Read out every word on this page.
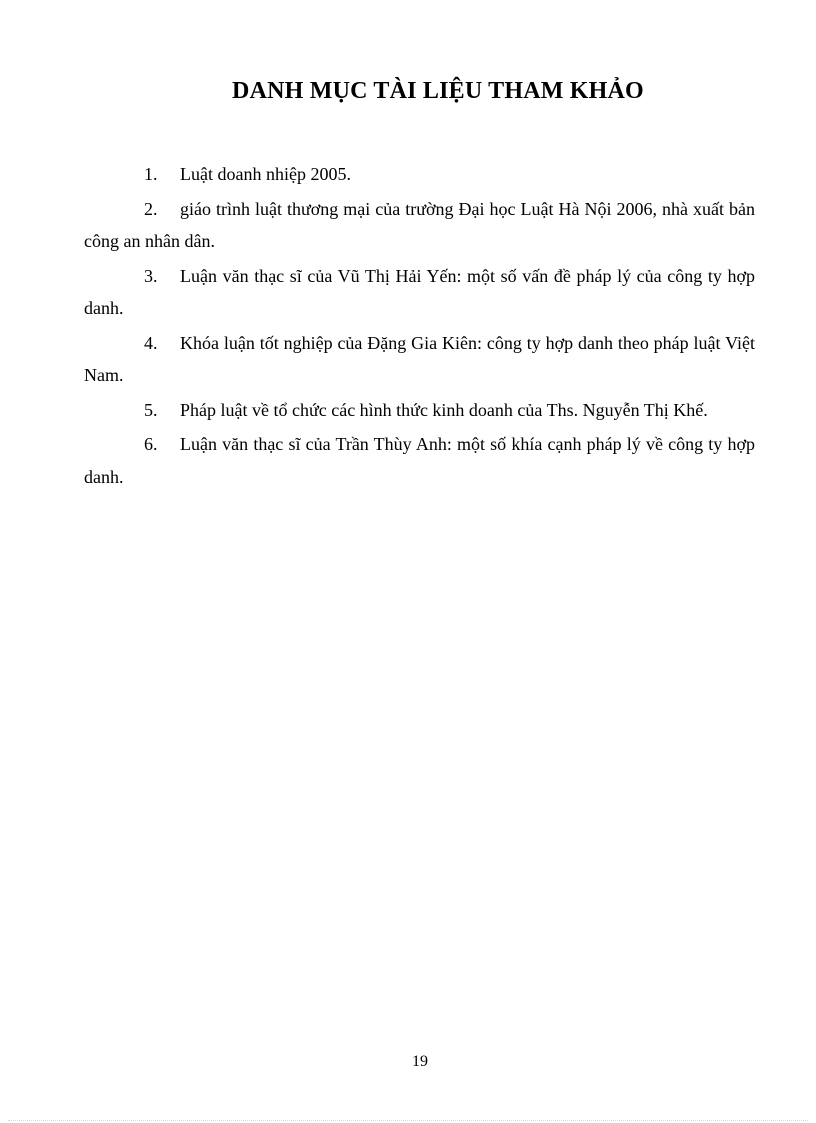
DANH MỤC TÀI LIỆU THAM KHẢO
1. Luật doanh nhiệp 2005.
2. giáo trình luật thương mại của trường Đại học Luật Hà Nội 2006, nhà xuất bản công an nhân dân.
3. Luận văn thạc sĩ của Vũ Thị Hải Yến: một số vấn đề pháp lý của công ty hợp danh.
4. Khóa luận tốt nghiệp của Đặng Gia Kiên: công ty hợp danh theo pháp luật Việt Nam.
5. Pháp luật về tổ chức các hình thức kinh doanh của Ths. Nguyễn Thị Khế.
6. Luận văn thạc sĩ của Trần Thùy Anh: một số khía cạnh pháp lý về công ty hợp danh.
19
